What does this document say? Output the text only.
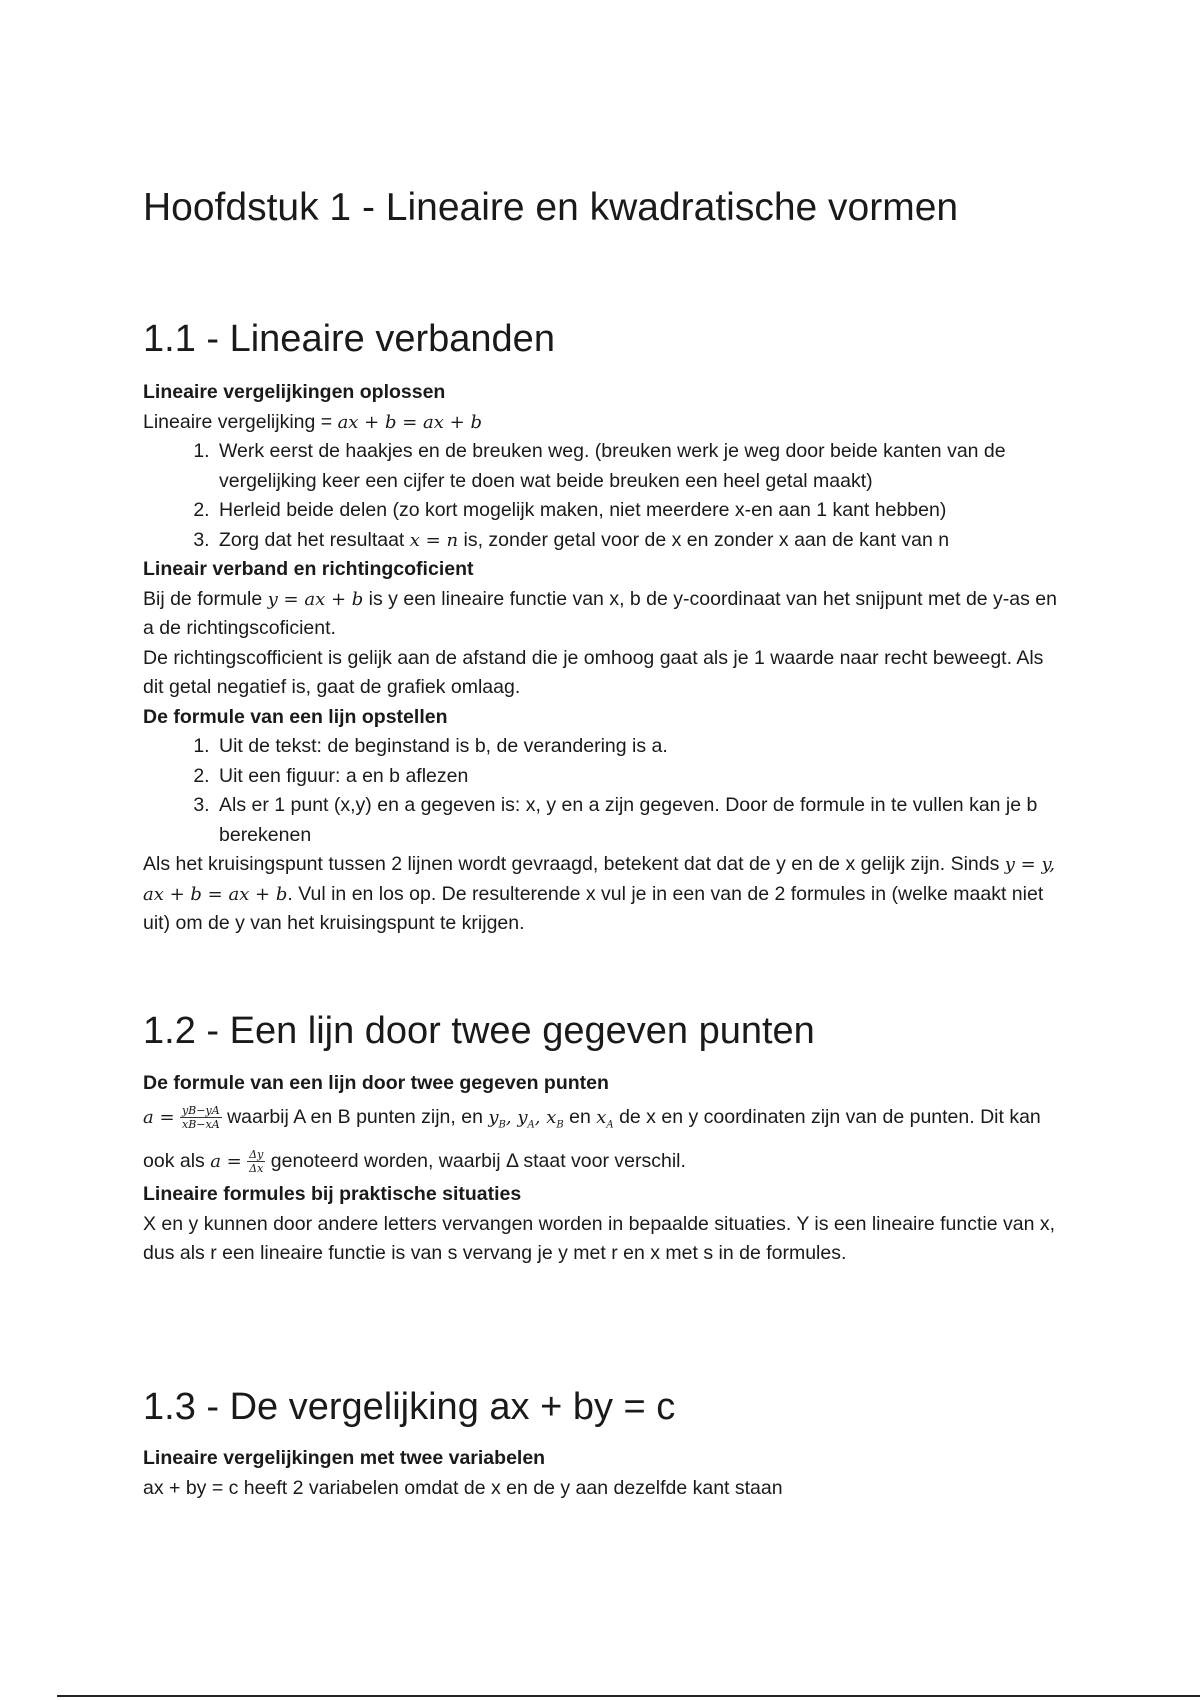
Hoofdstuk 1 - Lineaire en kwadratische vormen
1.1 - Lineaire verbanden
Lineaire vergelijkingen oplossen

Lineaire vergelijking = ax + b = ax + b

1. Werk eerst de haakjes en de breuken weg. (breuken werk je weg door beide kanten van de vergelijking keer een cijfer te doen wat beide breuken een heel getal maakt)
2. Herleid beide delen (zo kort mogelijk maken, niet meerdere x-en aan 1 kant hebben)
3. Zorg dat het resultaat x = n is, zonder getal voor de x en zonder x aan de kant van n
Lineair verband en richtingcoficient

Bij de formule y = ax + b is y een lineaire functie van x, b de y-coordinaat van het snijpunt met de y-as en a de richtingscoficient.

De richtingscofficient is gelijk aan de afstand die je omhoog gaat als je 1 waarde naar recht beweegt. Als dit getal negatief is, gaat de grafiek omlaag.

De formule van een lijn opstellen
1. Uit de tekst: de beginstand is b, de verandering is a.
2. Uit een figuur: a en b aflezen
3. Als er 1 punt (x,y) en a gegeven is: x, y en a zijn gegeven. Door de formule in te vullen kan je b berekenen

Als het kruisingspunt tussen 2 lijnen wordt gevraagd, betekent dat dat de y en de x gelijk zijn. Sinds y = y, ax + b = ax + b. Vul in en los op. De resulterende x vul je in een van de 2 formules in (welke maakt niet uit) om de y van het kruisingspunt te krijgen.

1.2 - Een lijn door twee gegeven punten
De formule van een lijn door twee gegeven punten

$a = \frac{yB-yA}{xB-xA}$ waarbij A en B punten zijn, en $y_B$, $y_A$, $x_B$ en $x_A$ de x en y coordinaten zijn van de punten. Dit kan ook als $a = \frac{\Delta y}{\Delta x}$ genoteerd worden, waarbij Δ staat voor verschil.

Lineaire formules bij praktische situaties

X en y kunnen door andere letters vervangen worden in bepaalde situaties. Y is een lineaire functie van x, dus als r een lineaire functie is van s vervang je y met r en x met s in de formules.

1.3 - De vergelijking ax + by = c
Lineaire vergelijkingen met twee variabelen

ax + by = c heeft 2 variabelen omdat de x en de y aan dezelfde kant staan
